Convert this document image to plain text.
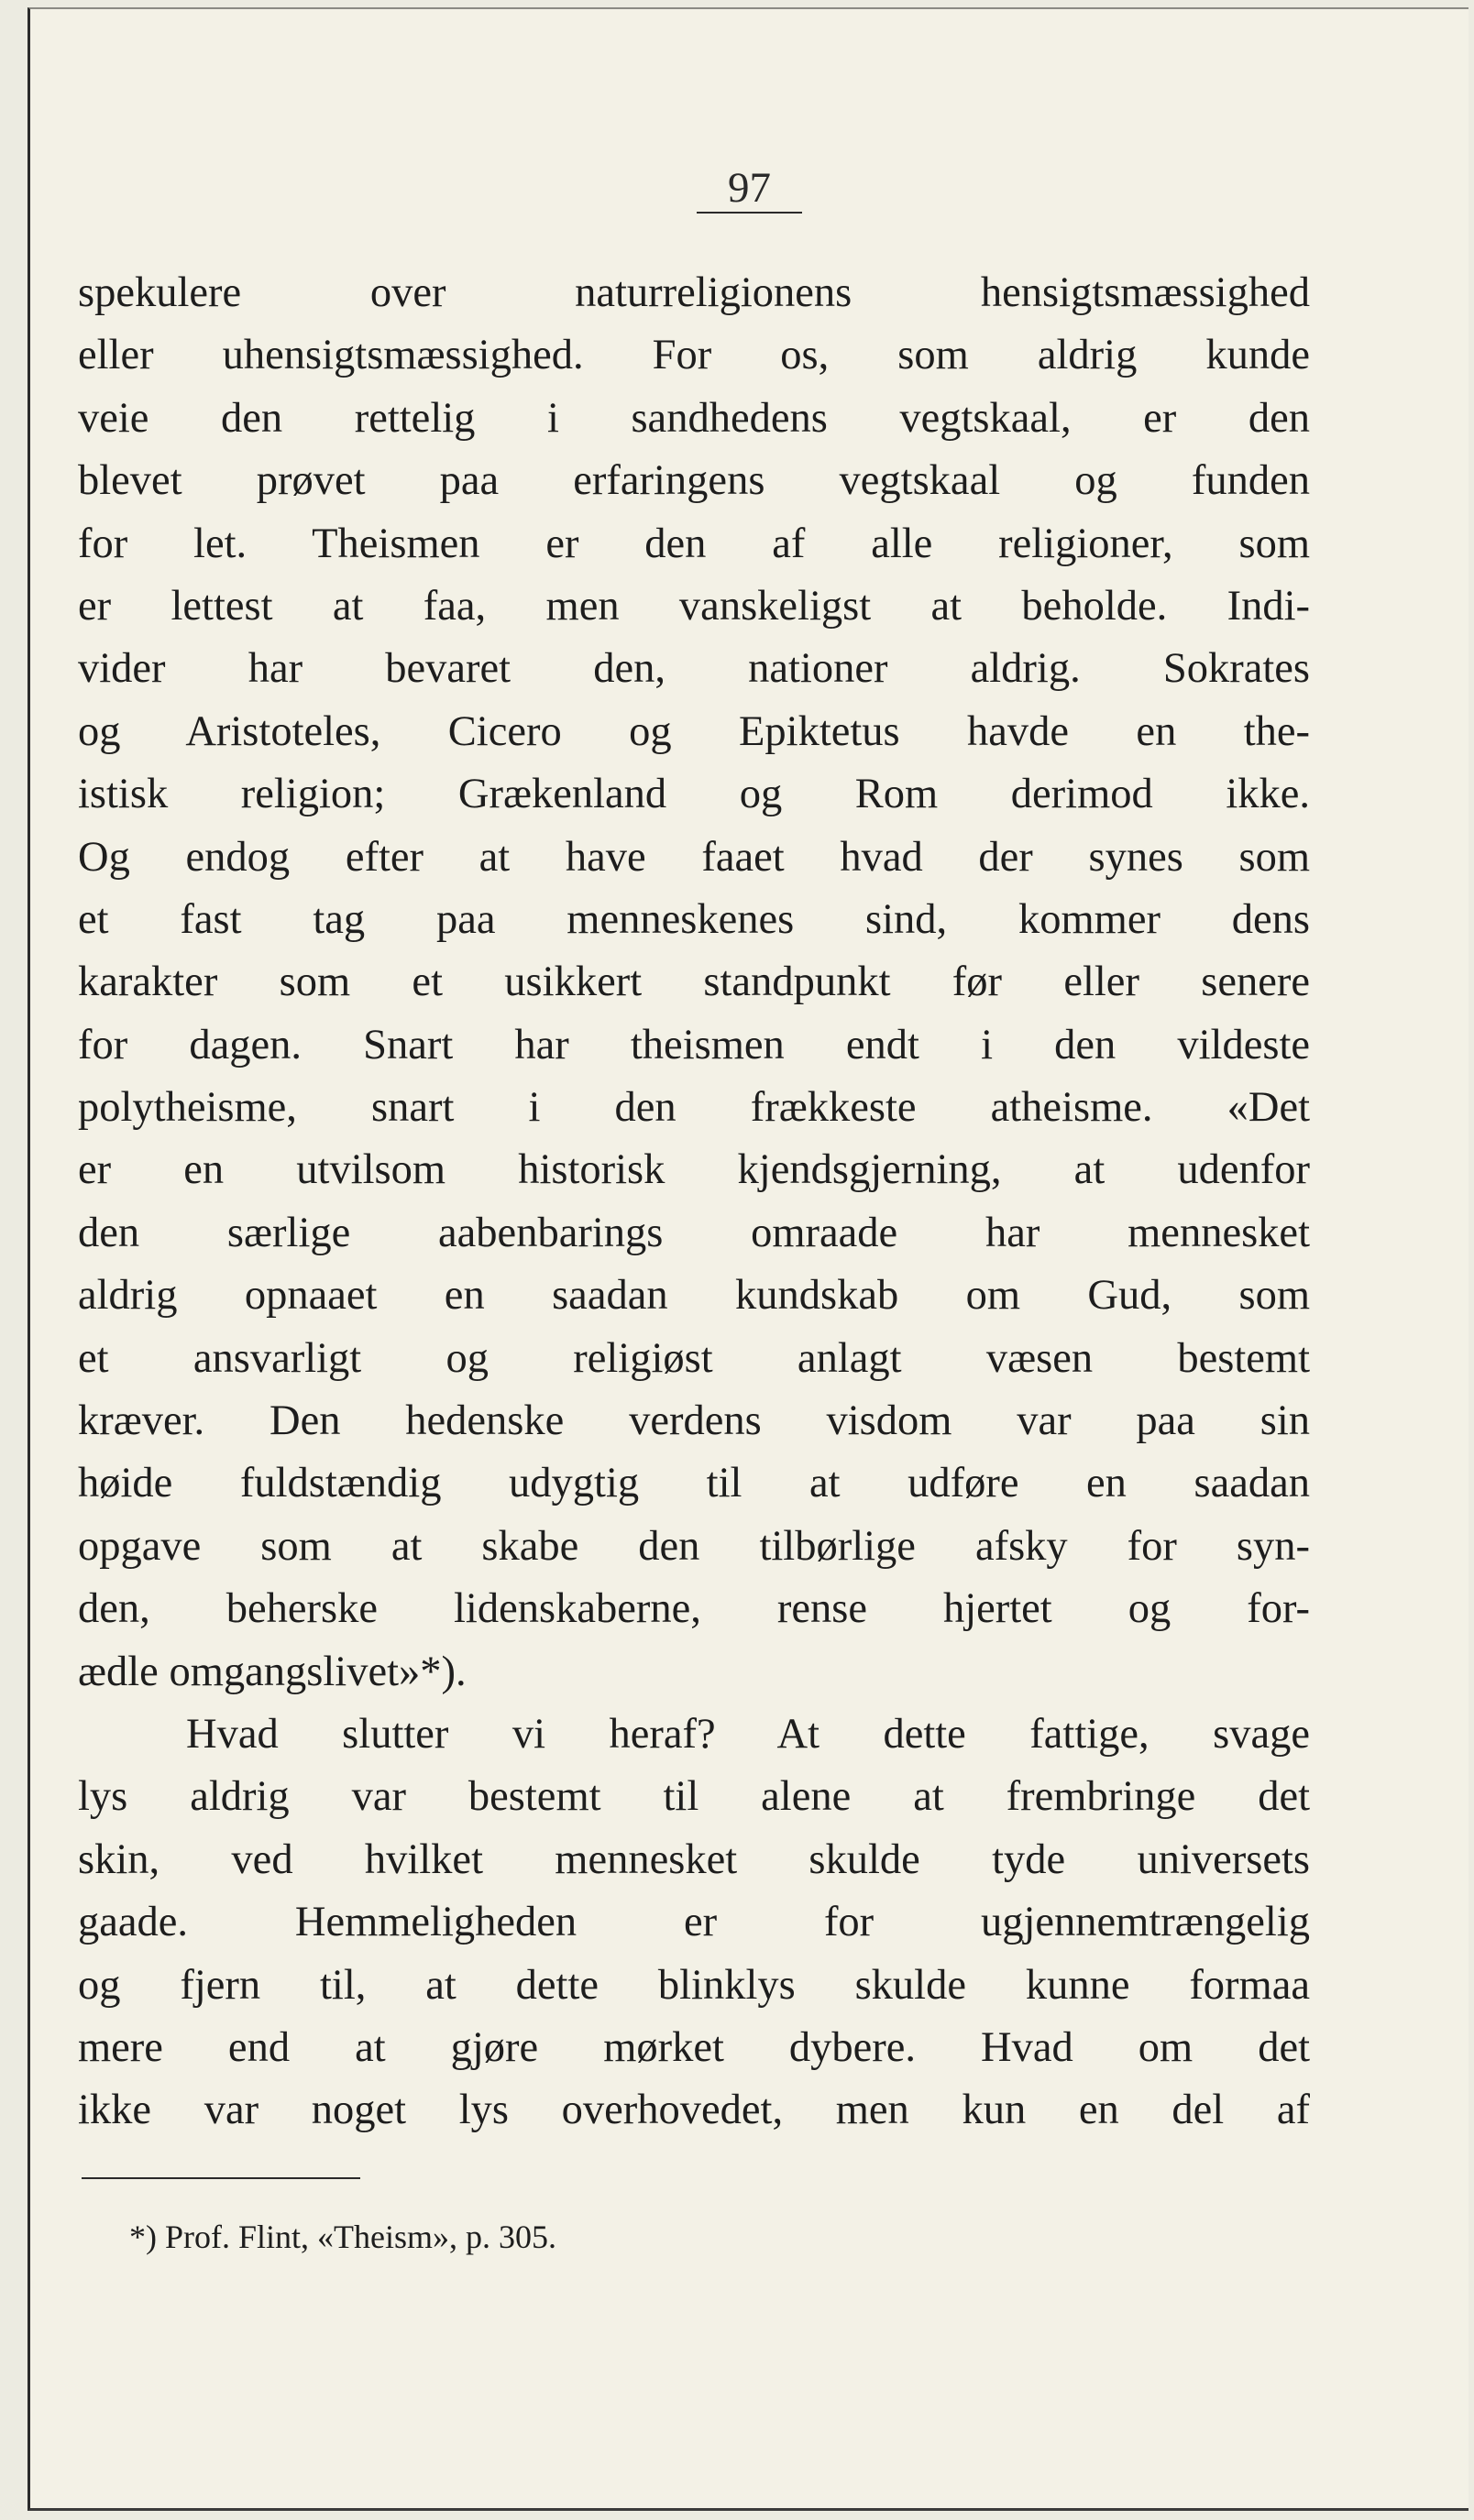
97
spekulere over naturreligionens hensigtsmæssighed
eller uhensigtsmæssighed. For os, som aldrig kunde
veie den rettelig i sandhedens vegtskaal, er den
blevet prøvet paa erfaringens vegtskaal og funden
for let. Theismen er den af alle religioner, som
er lettest at faa, men vanskeligst at beholde. Indi-
vider har bevaret den, nationer aldrig. Sokrates
og Aristoteles, Cicero og Epiktetus havde en the-
istisk religion; Grækenland og Rom derimod ikke.
Og endog efter at have faaet hvad der synes som
et fast tag paa menneskenes sind, kommer dens
karakter som et usikkert standpunkt før eller senere
for dagen. Snart har theismen endt i den vildeste
polytheisme, snart i den frækkeste atheisme. «Det
er en utvilsom historisk kjendsgjerning, at udenfor
den særlige aabenbarings omraade har mennesket
aldrig opnaaet en saadan kundskab om Gud, som
et ansvarligt og religiøst anlagt væsen bestemt
kræver. Den hedenske verdens visdom var paa sin
høide fuldstændig udygtig til at udføre en saadan
opgave som at skabe den tilbørlige afsky for syn-
den, beherske lidenskaberne, rense hjertet og for-
ædle omgangslivet»*).
Hvad slutter vi heraf? At dette fattige, svage
lys aldrig var bestemt til alene at frembringe det
skin, ved hvilket mennesket skulde tyde universets
gaade. Hemmeligheden er for ugjennemtrængelig
og fjern til, at dette blinklys skulde kunne formaa
mere end at gjøre mørket dybere. Hvad om det
ikke var noget lys overhovedet, men kun en del af
*) Prof. Flint, «Theism», p. 305.
